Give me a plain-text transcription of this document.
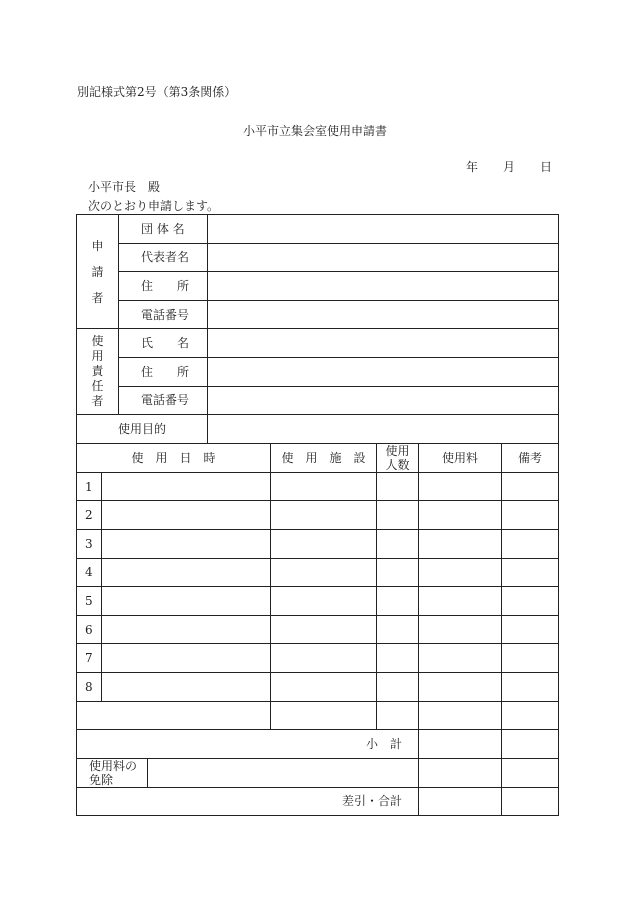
別記様式第2号（第3条関係）
小平市立集会室使用申請書
年	月	日
小平市長　殿
次のとおり申請します。
申請者		団 体 名						
		代表者名						
		住　　所						
		電話番号						
使用責任者		氏　　名						
		住　　所						
		電話番号						
使用目的								
使　用　日　時					使　用　施　設	使用人数	使用料	備考
1								
2								
3								
4								
5								
6								
7								
8								

小　計								
使用料の免除								
差引・合計								
